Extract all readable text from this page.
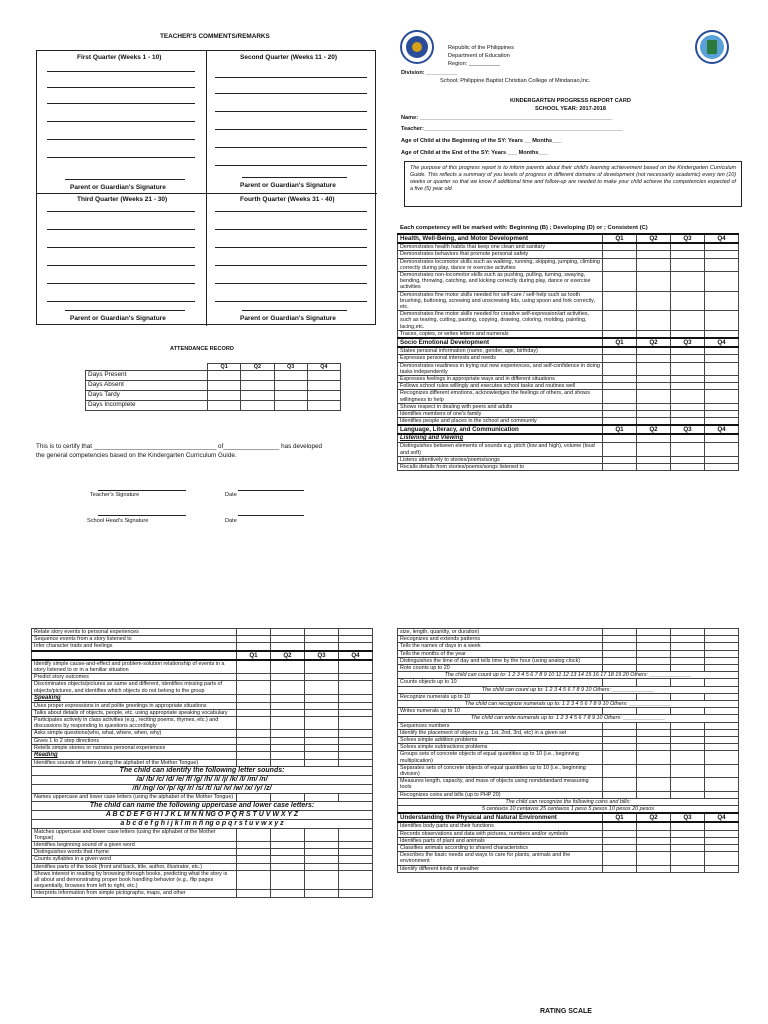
TEACHER'S COMMENTS/REMARKS
First Quarter (Weeks 1 - 10)	Second Quarter (Weeks 11 - 20)
Third Quarter (Weeks 21 - 30)	Fourth Quarter (Weeks 31 - 40)
Parent or Guardian's Signature	Parent or Guardian's Signature
Parent or Guardian's Signature	Parent or Guardian's Signature
ATTENDANCE RECORD
	Q1	Q2	Q3	Q4
Days Present				
Days Absent				
Days Tardy				
Days Incomplete				
This is to certify that ___________________________________ of________________ has developed
the general competencies based on the Kindergarten Curriculum Guide.
Teacher's Signature	Date
School Head's Signature	Date
Republic of the Philippines
Department of Education
Region: __________
Division: __________
School: Philippine Baptist Christian College of Mindanao,Inc.
KINDERGARTEN PROGRESS REPORT CARD
SCHOOL YEAR: 2017-2018
Name: ______________________________________________________________
Teacher:________________________________________________________________
Age of Child at the Beginning of the SY: Years __ Months___
Age of Child at the End of the SY: Years ___ Months___
The purpose of this progress report is to inform parents about their child's learning achievement based on the Kindergarten Curriculum Guide. This reflects a summary of you levels of progress in different domains of development (not necessarily academic) every ten (10) weeks or quarter so that we know if additional time and follow-up are needed to make your child achieve the competencies expected of a five (5) year old.
Each competency will be marked with: Beginning (B) ; Developing (D) or ; Consistent (C)
Health, Well-Being, and Motor Development	Q1	Q2	Q3	Q4
Demonstrates health habits that keep one clean and sanitary				
Demonstrates behaviors that promote personal safety				
Demonstrates locomotor skills such as walking, running, skipping, jumping, climbing correctly during play, dance or exercise activities				
Demonstrates non-locomotor skills such as pushing, pulling, turning, swaying, bending, throwing, catching, and kicking correctly during play, dance or exercise activities				
Demonstrates fine motor skills needed for self-care / self-help such as tooth brushing, buttoning, screwing and unscrewing lids, using spoon and fork correctly, etc.				
Demonstrates fine motor skills needed for creative self-expression/art activities, such as tearing, cutting, pasting, copying, drawing, coloring, molding, painting, lacing,etc.				
Traces, copies, or writes letters and numerals				
Socio Emotional Development	Q1	Q2	Q3	Q4
States personal information (name, gender, age, birthday)				
Expresses personal interests and needs				
Demonstrates readiness in trying out new experiences, and self-confidence in doing tasks independently				
Expresses feelings in appropriate ways and in different situations				
Follows school rules willingly and executes school tasks and routines well				
Recognizes different emotions, acknowledges the feelings of others, and shows willingness to help				
Shows respect in dealing with peers and adults				
Identifies members of one's family				
Identifies people and places in the school and community				
Language, Literacy, and Communication	Q1	Q2	Q3	Q4
Listening and Viewing				
Distinguishes between elements of sounds e.g. pitch (low and high), volume (loud and soft)				
Listens attentively to stories/poems/songs				
Recalls details from stories/poems/songs listened to				
Relate story events to personal experiences				
Sequence events from a story listened to				
Infer character traits and feelings				
	Q1	Q2	Q3	Q4
Identify simple cause-and-effect and problem-solution relationship of events in a story listened to or in a familiar situation				
Predict story outcomes				
Discriminates objects/pictures as same and different, identifies missing parts of objects/pictures, and identifies which objects do not belong to the group				
Speaking				
Uses proper expressions in and polite greetings in appropriate situations				
Talks about details of objects, people, etc. using appropriate speaking vocabulary				
Participates actively in class activities (e.g., reciting poems, rhymes, etc.) and discussions by responding to questions accordingly				
Asks simple questions(who, what, where, when, why)				
Gives 1 to 2 step directions				
Retells simple stories or narrates personal experiences				
Reading				
Identifies sounds of letters (using the alphabet of the Mother Tongue)				
The child can identify the following letter sounds:				
/a/ /b/ /c/ /d/ /e/ /f/ /g/ /h/ /i/ /j/ /k/ /l/ /m/ /n/				
/ñ/ /ng/ /o/ /p/ /q/ /r/ /s/ /t/ /u/ /v/ /w/ /x/ /y/ /z/				
Names uppercase and lower case letters (using the alphabet of the Mother Tongue)				
The child can name the following uppercase and lower case letters:				
A B C D E F G H I J K L M N Ñ NG O P Q R S T U V W X Y Z				
a b c d e f g h i j k l m n ñ ng o p q r s t u v w x y z				
Matches uppercase and lower case letters (using the alphabet of the Mother Tongue)				
Identifies beginning sound of a given word				
Distinguishes words that rhyme				
Counts syllables in a given word				
Identifies parts of the book (front and back, title, author, illustrator, etc.)				
Shows interest in reading by browsing through books, predicting what the story is all about and demonstrating proper book handling behavior (e.g., flip pages sequentially, browses from left to right, etc.)				
Interprets information from simple pictographs, maps, and other				
size, length, quantity, or duration)				
Recognizes and extends patterns				
Tells the names of days in a week				
Tells the months of the year				
Distinguishes the time of day and tells time by the hour (using analog clock)				
Rote counts up to 20				
The child can count up to: 1 2 3 4 5 6 7 8 9 10 11 12 13 14 15 16 17 18 19 20 Others: ______________				
Counts objects up to 10				
The child can count up to: 1 2 3 4 5 6 7 8 9 10 Others: ______________				
Recognize numerals up to 10				
The child can recognize numerals up to: 1 2 3 4 5 6 7 8 9 10 Others: ______________				
Writes numerals up to 10				
The child can write numerals up to: 1 2 3 4 5 6 7 8 9 10 Others: ______________				
Sequences numbers				
Identify the placement of objects (e.g. 1st, 2nd, 3rd, etc) in a given set				
Solves simple addition problems				
Solves simple subtractions problems				
Groups sets of concrete objects of equal quantities up to 10 (i.e., beginning multiplication)				
Separates sets of concrete objects of equal quantities up to 10 (i.e., beginning division)				
Measures length, capacity, and mass of objects using nondstandard measuring tools				
Recognizes coins and bills (up to PHP 20)				
The child can recognize the following coins and bills:				
5 centavos 10 centavos 25 centavos 1 peso 5 pesos 10 pesos 20 pesos				
Understanding the Physical and Natural Environment	Q1	Q2	Q3	Q4
Identifies body parts and their functions				
Records observations and data with pictures, numbers and/or symbols				
Identifies parts of plant and animals				
Classifies animals according to shared characteristics				
Describes the basic needs and ways to care for plants, animals and the environment				
Identify different kinds of weather				
RATING SCALE
